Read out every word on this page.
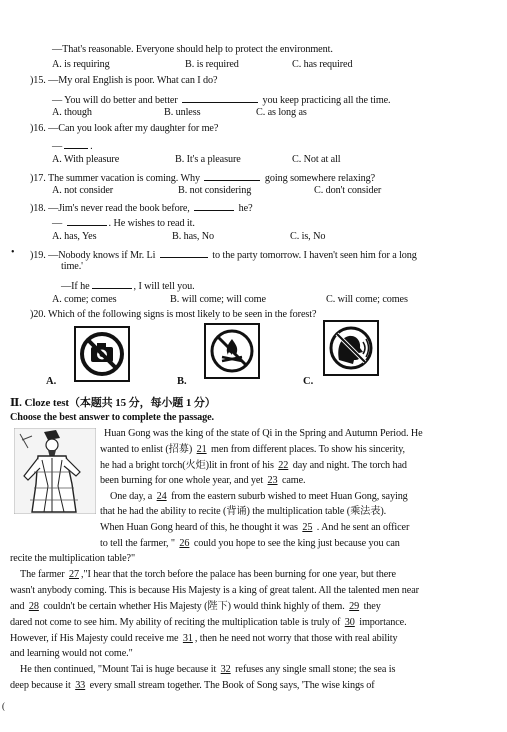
—That's reasonable. Everyone should help to protect the environment.
A. is requiring	B. is required	C. has required
)15. —My oral English is poor. What can I do?
— You will do better and better	you keep practicing all the time.
A. though	B. unless	C. as long as
)16. —Can you look after my daughter for me?
—	.
A. With pleasure	B. It's a pleasure	C. Not at all
)17. The summer vacation is coming. Why	going somewhere relaxing?
A. not consider	B. not considering	C. don't consider
)18. —Jim's never read the book before,	he?
—	. He wishes to read it.
A. has, Yes	B. has, No	C. is, No
• )19. —Nobody knows if Mr. Li	to the party tomorrow. I haven't seen him for a long
time.'
—If he	, I will tell you.
A. come; comes	B. will come; will come	C. will come; comes
)20. Which of the following signs is most likely to be seen in the forest?
A.	B.	C.
Ⅱ. Cloze test（本题共 15 分，每小题 1 分）
Choose the best answer to complete the passage.
Huan Gong was the king of the state of Qi in the Spring and Autumn Period. He
wanted to enlist (招募) 21 men from different places. To show his sincerity,
he had a bright torch(火炬)lit in front of his 22 day and night. The torch had
been burning for one whole year, and yet 23 came.
One day, a 24 from the eastern suburb wished to meet Huan Gong, saying
that he had the ability to recite (背诵) the multiplication table (乘法表).
When Huan Gong heard of this, he thought it was 25 . And he sent an officer
to tell the farmer, " 26 could you hope to see the king just because you can
recite the multiplication table?"
The farmer 27 ,"I hear that the torch before the palace has been burning for one year, but there
wasn't anybody coming. This is because His Majesty is a king of great talent. All the talented men near
and 28 couldn't be certain whether His Majesty (陛下) would think highly of them. 29 they
dared not come to see him. My ability of reciting the multiplication table is truly of 30 importance.
However, if His Majesty could receive me 31 , then he need not worry that those with real ability
and learning would not come."
He then continued, "Mount Tai is huge because it 32 refuses any single small stone; the sea is
deep because it 33 every small stream together. The Book of Song says, 'The wise kings of
(
